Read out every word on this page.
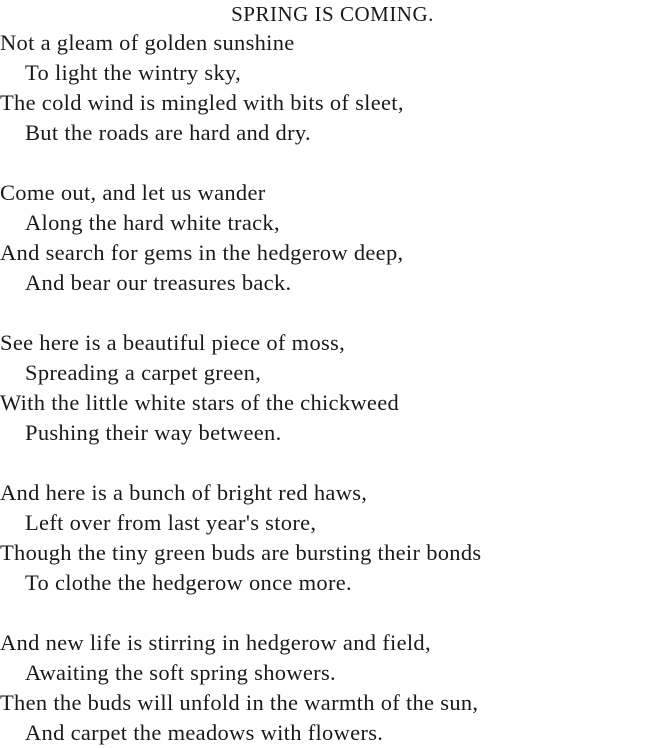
SPRING IS COMING.
Not a gleam of golden sunshine
To light the wintry sky,
The cold wind is mingled with bits of sleet,
But the roads are hard and dry.
Come out, and let us wander
Along the hard white track,
And search for gems in the hedgerow deep,
And bear our treasures back.
See here is a beautiful piece of moss,
Spreading a carpet green,
With the little white stars of the chickweed
Pushing their way between.
And here is a bunch of bright red haws,
Left over from last year's store,
Though the tiny green buds are bursting their bonds
To clothe the hedgerow once more.
And new life is stirring in hedgerow and field,
Awaiting the soft spring showers.
Then the buds will unfold in the warmth of the sun,
And carpet the meadows with flowers.
